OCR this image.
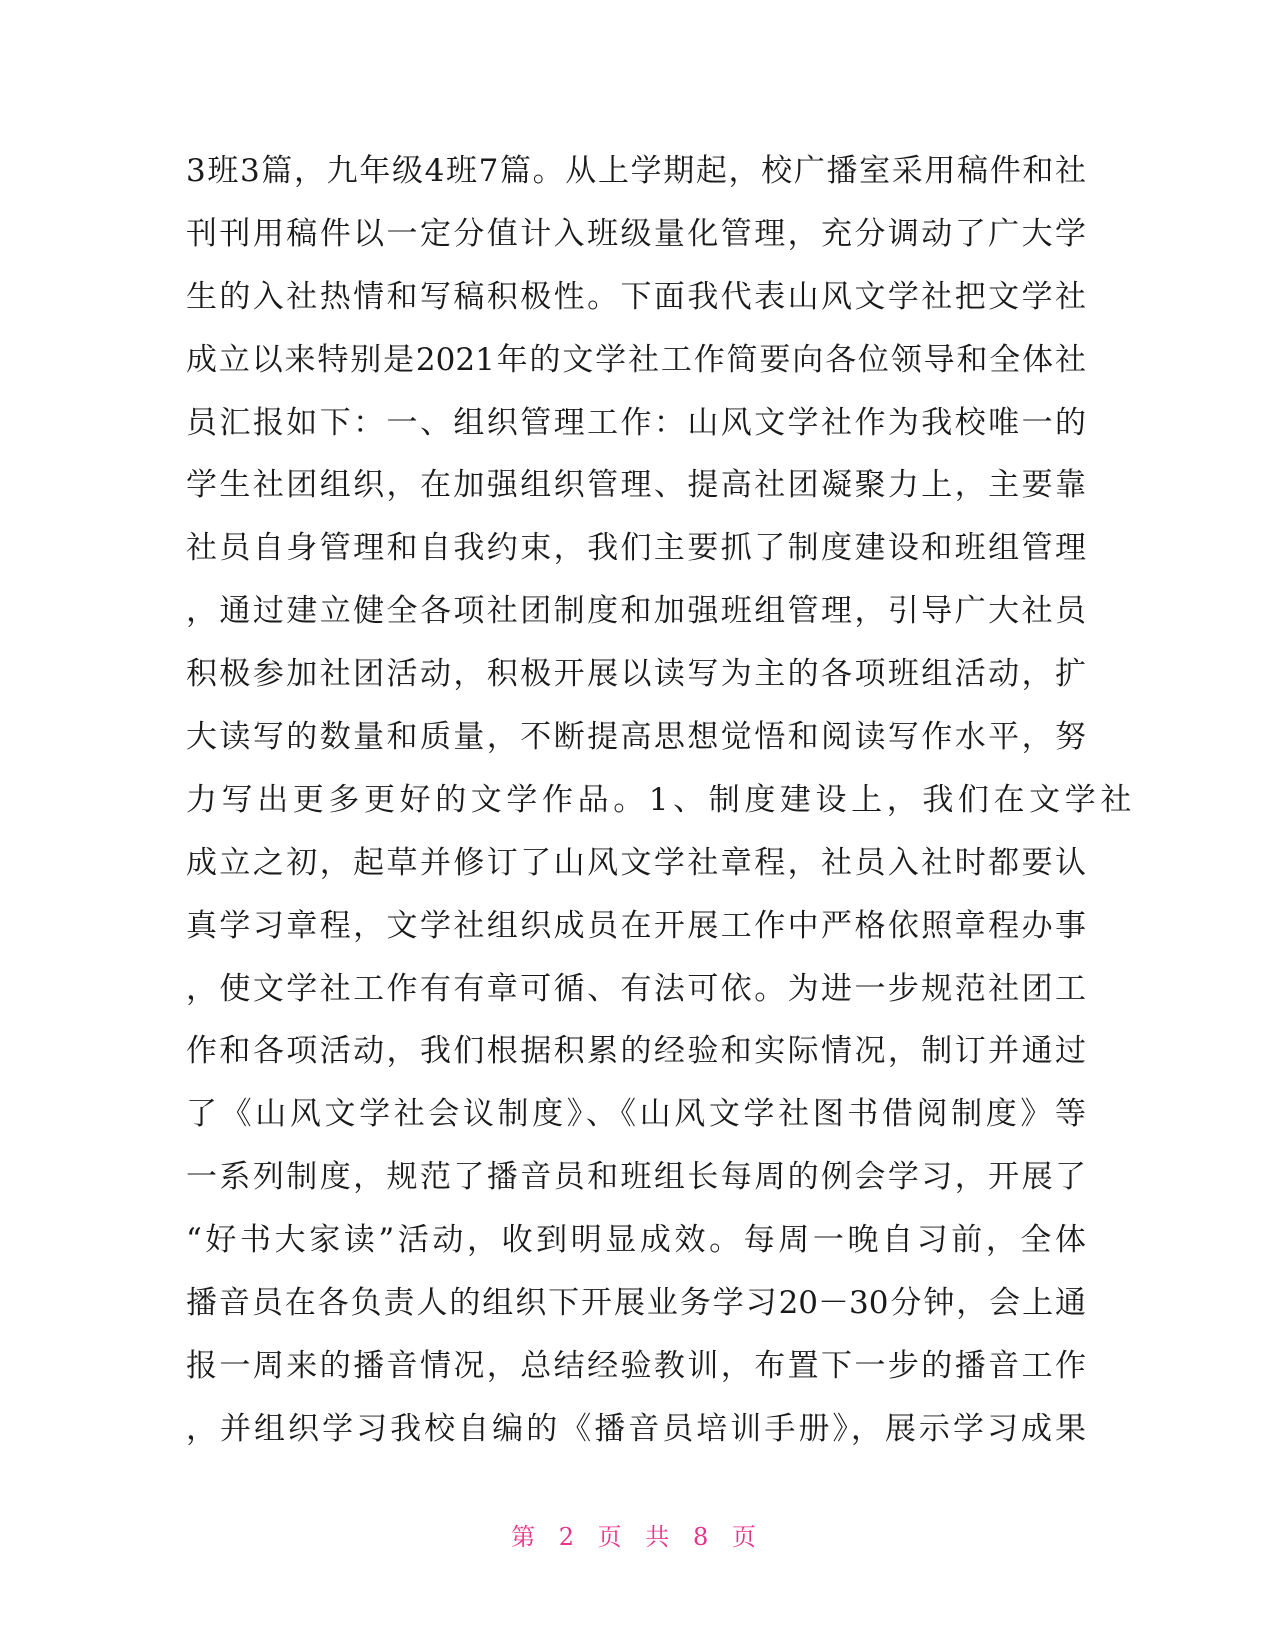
3班3篇，九年级4班7篇。从上学期起，校广播室采用稿件和社
刊刊用稿件以一定分值计入班级量化管理，充分调动了广大学
生的入社热情和写稿积极性。下面我代表山风文学社把文学社
成立以来特别是2021年的文学社工作简要向各位领导和全体社
员汇报如下：一、组织管理工作：山风文学社作为我校唯一的
学生社团组织，在加强组织管理、提高社团凝聚力上，主要靠
社员自身管理和自我约束，我们主要抓了制度建设和班组管理
，通过建立健全各项社团制度和加强班组管理，引导广大社员
积极参加社团活动，积极开展以读写为主的各项班组活动，扩
大读写的数量和质量，不断提高思想觉悟和阅读写作水平，努
力写出更多更好的文学作品。1、制度建设上，我们在文学社
成立之初，起草并修订了山风文学社章程，社员入社时都要认
真学习章程，文学社组织成员在开展工作中严格依照章程办事
，使文学社工作有有章可循、有法可依。为进一步规范社团工
作和各项活动，我们根据积累的经验和实际情况，制订并通过
了《山风文学社会议制度》、《山风文学社图书借阅制度》等
一系列制度，规范了播音员和班组长每周的例会学习，开展了
“好书大家读”活动，收到明显成效。每周一晚自习前，全体
播音员在各负责人的组织下开展业务学习20－30分钟，会上通
报一周来的播音情况，总结经验教训，布置下一步的播音工作
，并组织学习我校自编的《播音员培训手册》，展示学习成果
第 2 页 共 8 页
